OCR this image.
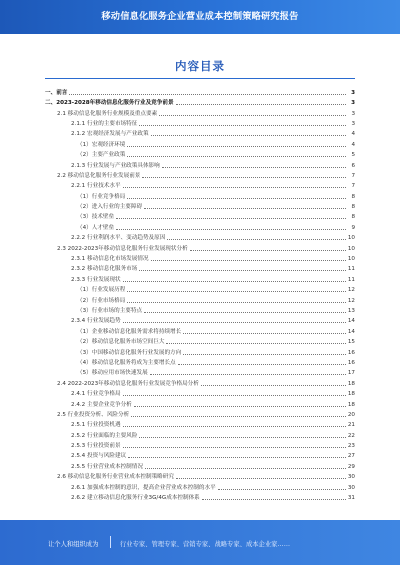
移动信息化服务企业营业成本控制策略研究报告
内容目录
一、前言	3
二、2023-2028年移动信息化服务行业及竞争前景	3
2.1 移动信息化服务行业规模及重点要素	3
2.1.1 行业的主要市场特征	3
2.1.2 宏观经济发展与产业政策	4
（1）宏观经济环境	4
（2）主要产业政策	5
2.1.3 行业发展与产业政策具体影响	6
2.2 移动信息化服务行业发展前景	7
2.2.1 行业技术水平	7
（1）行业竞争格局	8
（2）进入行业的主要障碍	8
（3）技术壁垒	8
（4）人才壁垒	9
2.2.2 行业利润水平、变动趋势及原因	10
2.3 2022-2023年移动信息化服务行业发展现状分析	10
2.3.1 移动信息化市场发展情况	10
2.3.2 移动信息化服务市场	11
2.3.3 行业发展现状	11
（1）行业发展历程	12
（2）行业市场格局	12
（3）行业市场的主要特点	13
2.3.4 行业发展趋势	14
（1）企业移动信息化服务需求将持续增长	14
（2）移动信息化服务市场空间巨大	15
（3）中国移动信息化服务行业发展的方向	16
（4）移动信息化服务将成为主要增长点	16
（5）移动应用市场快速发展	17
2.4 2022-2023年移动信息化服务行业发展竞争格局分析	18
2.4.1 行业竞争格局	18
2.4.2 主要企业竞争分析	18
2.5 行业投资分析、风险分析	20
2.5.1 行业投资机遇	21
2.5.2 行业面临的主要风险	22
2.5.3 行业投资前景	23
2.5.4 投资与风险建议	27
2.5.5 行业营业成本控制情况	29
2.6 移动信息化服务行业营业成本控制策略研究	30
2.6.1 加强成本控制的意识，提高企业营业成本控制的水平	30
2.6.2 建立移动信息化服务行业3G/4G成本控制体系	31
让个人和组织成为	行业专家、管理专家、营销专家、战略专家、成本企业家……
